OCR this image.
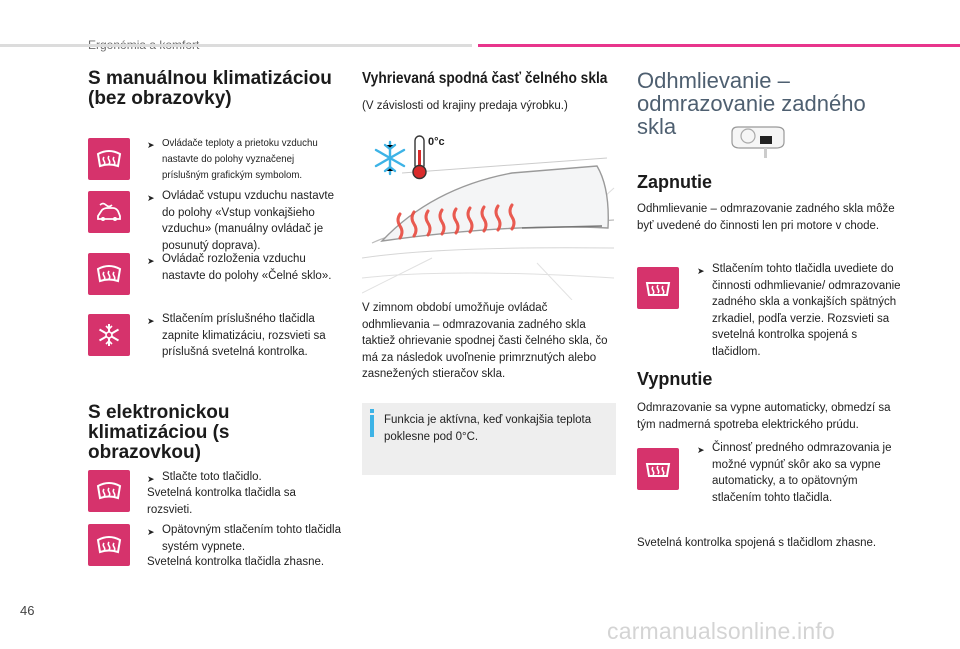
S manuálnou klimatizáciou (bez obrazovky)
➤ Ovládače teploty a prietoku vzduchu nastavte do polohy vyznačenej príslušným grafickým symbolom.
➤ Ovládač vstupu vzduchu nastavte do polohy «Vstup vonkajšieho vzduchu» (manuálny ovládač je posunutý doprava).
➤ Ovládač rozloženia vzduchu nastavte do polohy «Čelné sklo».
➤ Stlačením príslušného tlačidla zapnite klimatizáciu, rozsvieti sa príslušná svetelná kontrolka.
S elektronickou klimatizáciou (s obrazovkou)
➤ Stlačte toto tlačidlo.
Svetelná kontrolka tlačidla sa rozsvieti.
➤ Opätovným stlačením tohto tlačidla systém vypnete.
Svetelná kontrolka tlačidla zhasne.
Vyhrievaná spodná časť čelného skla
(V závislosti od krajiny predaja výrobku.)
0°c
V zimnom období umožňuje ovládač odhmlievania – odmrazovania zadného skla taktiež ohrievanie spodnej časti čelného skla, čo má za následok uvoľnenie primrznutých alebo zasnežených stieračov skla.
Funkcia je aktívna, keď vonkajšia teplota poklesne pod 0°C.
Odhmlievanie – odmrazovanie zadného skla
Zapnutie
Odhmlievanie – odmrazovanie zadného skla môže byť uvedené do činnosti len pri motore v chode.
➤ Stlačením tohto tlačidla uvediete do činnosti odhmlievanie/ odmrazovanie zadného skla a vonkajších spätných zrkadiel, podľa verzie. Rozsvieti sa svetelná kontrolka spojená s tlačidlom.
Vypnutie
Odmrazovanie sa vypne automaticky, obmedzí sa tým nadmerná spotreba elektrického prúdu.
➤ Činnosť predného odmrazovania je možné vypnúť skôr ako sa vypne automaticky, a to opätovným stlačením tohto tlačidla.
Svetelná kontrolka spojená s tlačidlom zhasne.
46
carmanualsonline.info
